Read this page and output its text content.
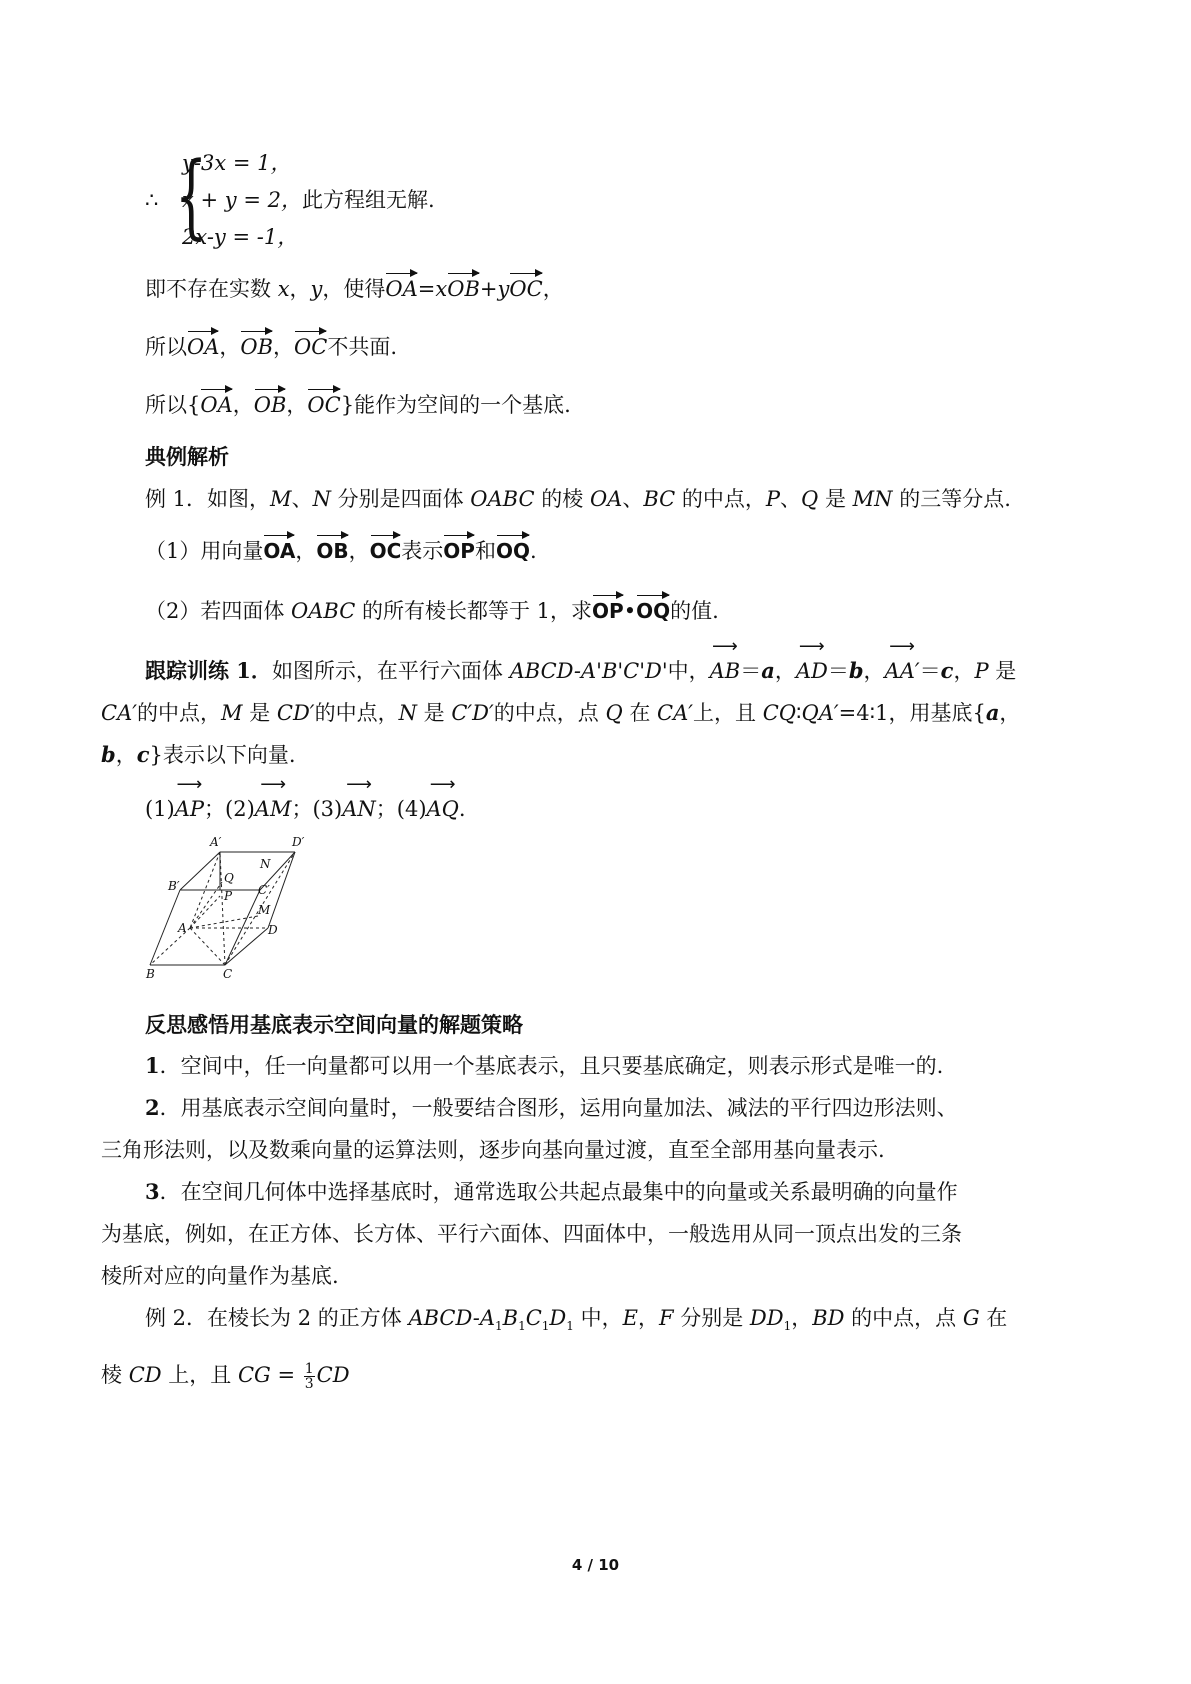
∴ {
y-3x = 1，
x + y = 2，此方程组无解.
2x-y = -1，
即不存在实数 x，y，使得OA=xOB+yOC，
所以OA，OB，OC不共面.
所以{OA，OB，OC}能作为空间的一个基底.
典例解析
例 1．如图，M、N 分别是四面体 OABC 的棱 OA、BC 的中点，P、Q 是 MN 的三等分点.
（1）用向量OA，OB，OC表示OP和OQ.
（2）若四面体 OABC 的所有棱长都等于 1，求OP•OQ的值.
跟踪训练 1．如图所示，在平行六面体 ABCD-A'B'C'D'中，
⟶
AB＝a，
⟶
AD＝b，
⟶
AA′＝c，P 是
CA′的中点，M 是 CD′的中点，N 是 C′D′的中点，点 Q 在 CA′上，且 CQ∶QA′=4∶1，用基底{a，
b，c}表示以下向量.
(1)
⟶
AP；(2)
⟶
AM；(3)
⟶
AN；(4)
⟶
AQ.
A′	D′
N
B′
Q
C′
P
M
A	D
B	C
反思感悟用基底表示空间向量的解题策略
1．空间中，任一向量都可以用一个基底表示，且只要基底确定，则表示形式是唯一的.
2．用基底表示空间向量时，一般要结合图形，运用向量加法、减法的平行四边形法则、
三角形法则，以及数乘向量的运算法则，逐步向基向量过渡，直至全部用基向量表示.
3．在空间几何体中选择基底时，通常选取公共起点最集中的向量或关系最明确的向量作
为基底，例如，在正方体、长方体、平行六面体、四面体中，一般选用从同一顶点出发的三条
棱所对应的向量作为基底.
例 2．在棱长为 2 的正方体 ABCD-$A_1B_1C_1D_1$ 中，E，F 分别是 $DD_1$，BD 的中点，点 G 在
棱 CD 上，且 CG = $\frac{1}{3}$ CD
4 / 10
